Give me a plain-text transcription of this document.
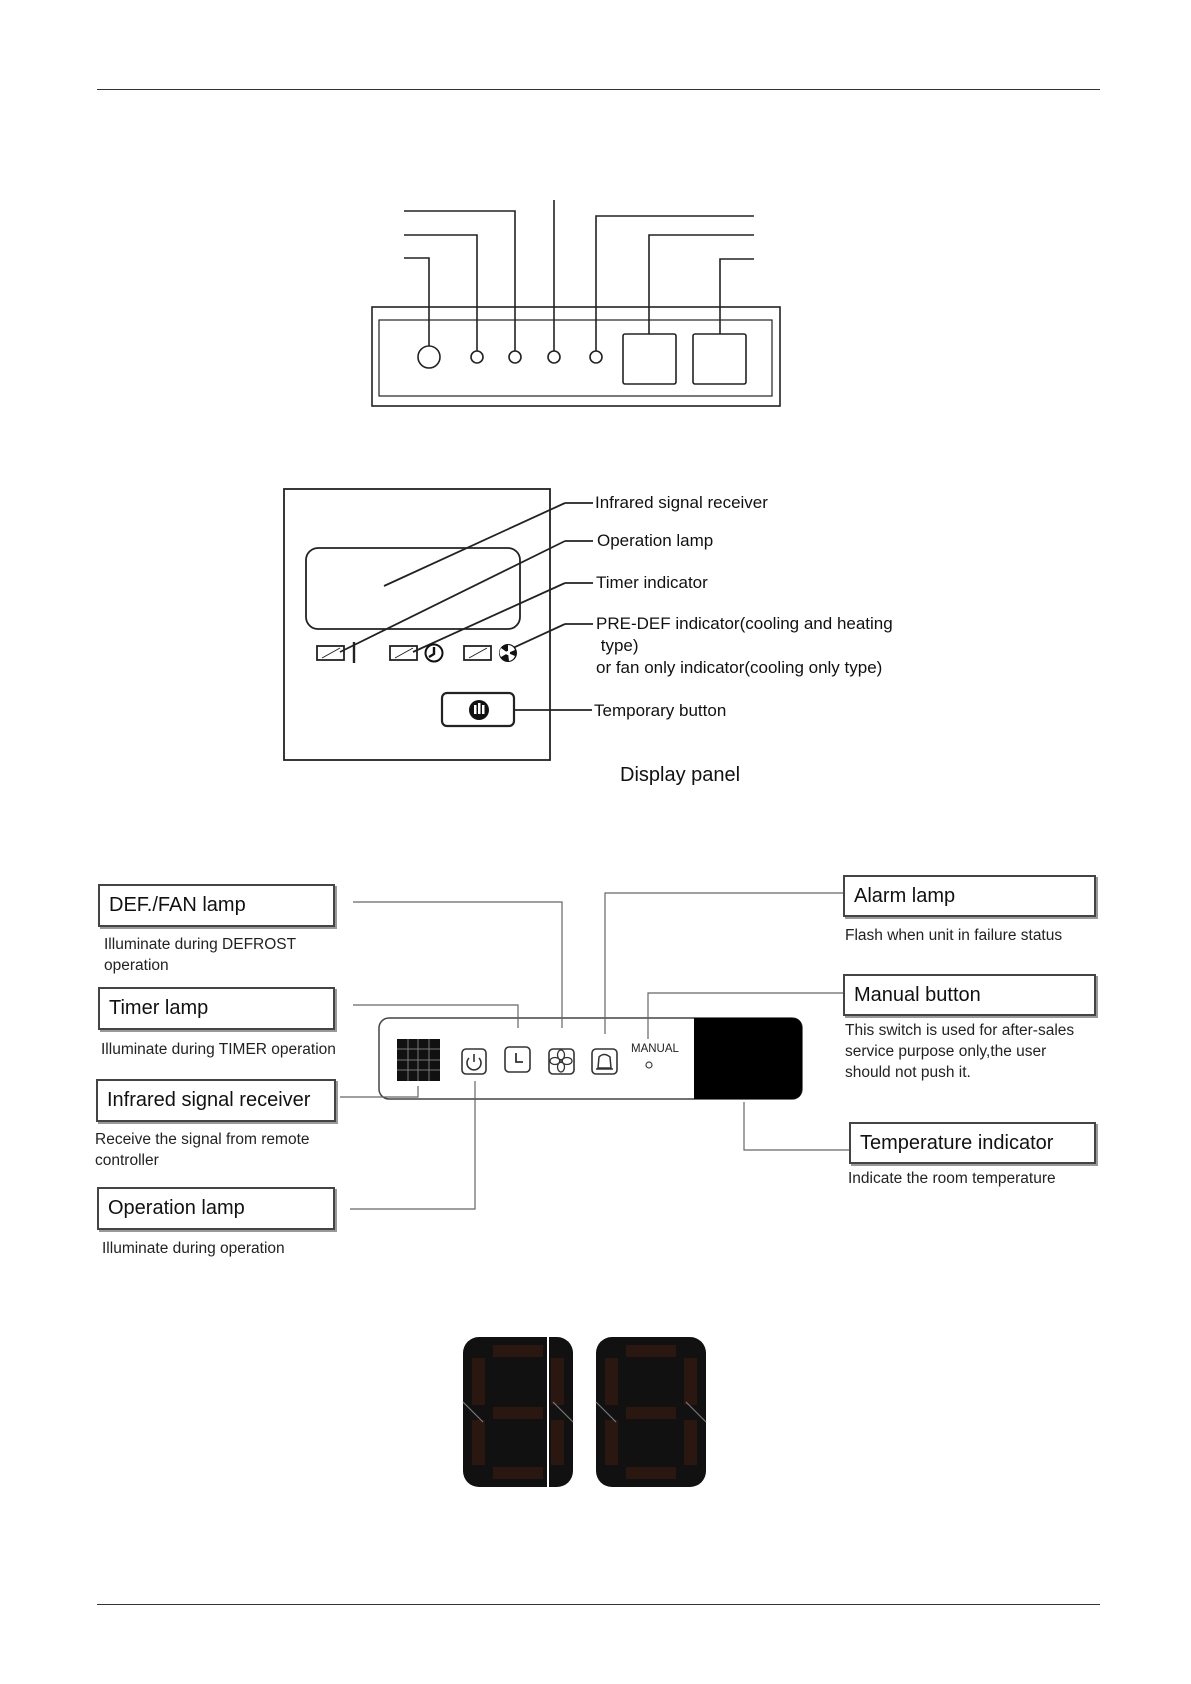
Infrared signal receiver
Operation lamp
Timer indicator
PRE-DEF indicator(cooling and heating
type)
or fan only indicator(cooling only type)
Temporary button
Display panel
MANUAL
DEF./FAN lamp
Illuminate during DEFROST
operation
Timer lamp
Illuminate during TIMER operation
Infrared signal receiver
Receive the signal from remote
controller
Operation lamp
Illuminate during operation
Alarm lamp
Flash when unit in failure status
Manual button
This switch is used for after-sales
service purpose only,the user
should not push it.
Temperature indicator
Indicate the room temperature
